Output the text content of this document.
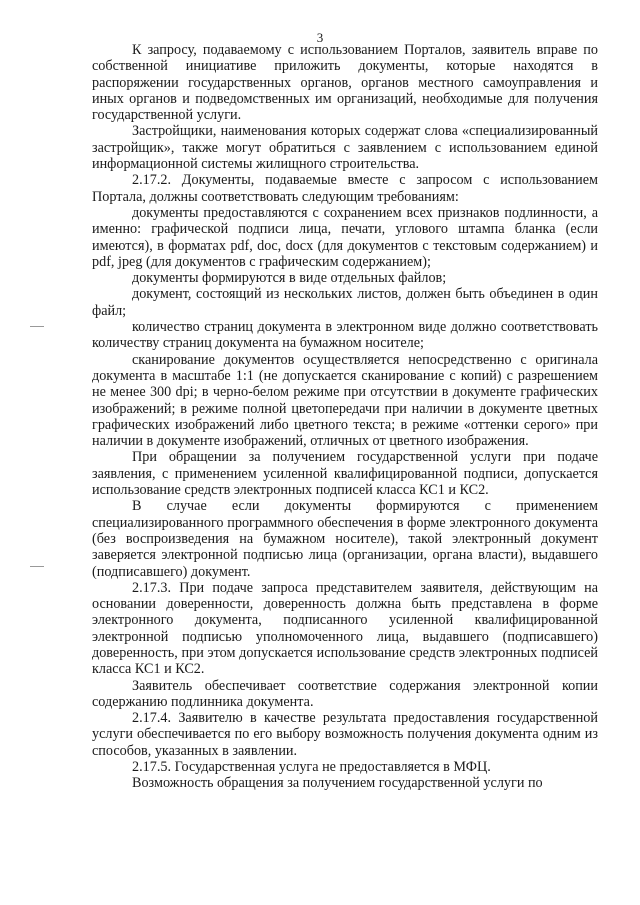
3

К запросу, подаваемому с использованием Порталов, заявитель вправе по собственной инициативе приложить документы, которые находятся в распоряжении государственных органов, органов местного самоуправления и иных органов и подведомственных им организаций, необходимые для получения государственной услуги.

Застройщики, наименования которых содержат слова «специализированный застройщик», также могут обратиться с заявлением с использованием единой информационной системы жилищного строительства.

2.17.2. Документы, подаваемые вместе с запросом с использованием Портала, должны соответствовать следующим требованиям:

документы предоставляются с сохранением всех признаков подлинности, а именно: графической подписи лица, печати, углового штампа бланка (если имеются), в форматах pdf, doc, docx (для документов с текстовым содержанием) и pdf, jpeg (для документов с графическим содержанием);

документы формируются в виде отдельных файлов;

документ, состоящий из нескольких листов, должен быть объединен в один файл;

количество страниц документа в электронном виде должно соответствовать количеству страниц документа на бумажном носителе;

сканирование документов осуществляется непосредственно с оригинала документа в масштабе 1:1 (не допускается сканирование с копий) с разрешением не менее 300 dpi; в черно-белом режиме при отсутствии в документе графических изображений; в режиме полной цветопередачи при наличии в документе цветных графических изображений либо цветного текста; в режиме «оттенки серого» при наличии в документе изображений, отличных от цветного изображения.

При обращении за получением государственной услуги при подаче заявления, с применением усиленной квалифицированной подписи, допускается использование средств электронных подписей класса КС1 и КС2.

В случае если документы формируются с применением специализированного программного обеспечения в форме электронного документа (без воспроизведения на бумажном носителе), такой электронный документ заверяется электронной подписью лица (организации, органа власти), выдавшего (подписавшего) документ.

2.17.3. При подаче запроса представителем заявителя, действующим на основании доверенности, доверенность должна быть представлена в форме электронного документа, подписанного усиленной квалифицированной электронной подписью уполномоченного лица, выдавшего (подписавшего) доверенность, при этом допускается использование средств электронных подписей класса КС1 и КС2.

Заявитель обеспечивает соответствие содержания электронной копии содержанию подлинника документа.

2.17.4. Заявителю в качестве результата предоставления государственной услуги обеспечивается по его выбору возможность получения документа одним из способов, указанных в заявлении.

2.17.5. Государственная услуга не предоставляется в МФЦ.

Возможность обращения за получением государственной услуги по
